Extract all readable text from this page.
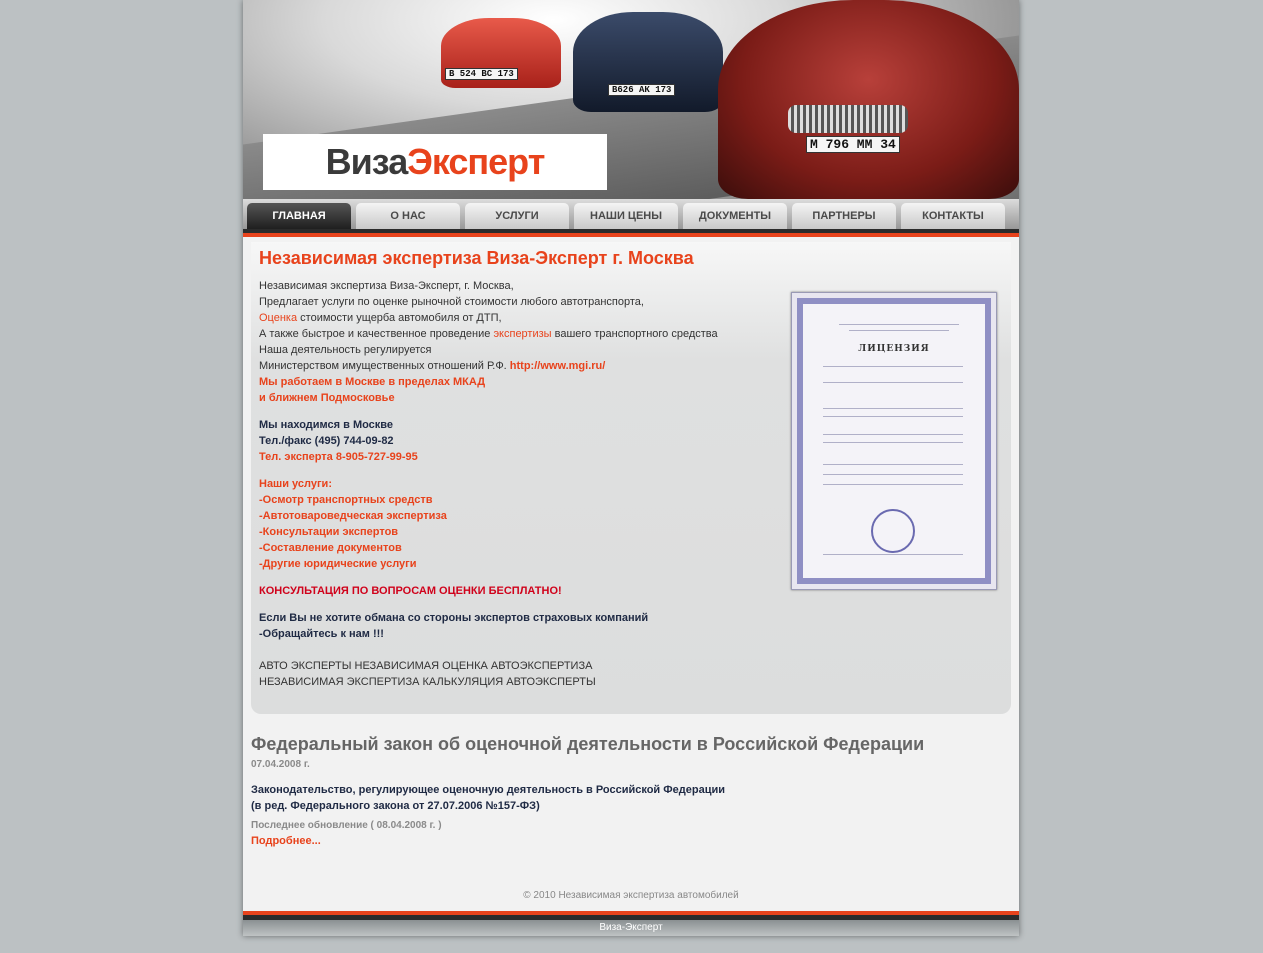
В 524 ВС 173
В626 АК 173
М 796 ММ 34
Виза Эксперт
ГЛАВНАЯ	О НАС	УСЛУГИ	НАШИ ЦЕНЫ	ДОКУМЕНТЫ	ПАРТНЕРЫ	КОНТАКТЫ
Независимая экспертиза Виза-Эксперт г. Москва
Независимая экспертиза Виза-Эксперт, г. Москва,
Предлагает услуги по оценке рыночной стоимости любого автотранспорта,
Оценка стоимости ущерба автомобиля от ДТП,
А также быстрое и качественное проведение экспертизы вашего транспортного средства
Наша деятельность регулируется
Министерством имущественных отношений Р.Ф. http://www.mgi.ru/
Мы работаем в Москве в пределах МКАД
и ближнем Подмосковье
Мы находимся в Москве
Тел./факс (495) 744-09-82
Тел. эксперта 8-905-727-99-95
Наши услуги:
-Осмотр транспортных средств
-Автотовароведческая экспертиза
-Консультации экспертов
-Составление документов
-Другие юридические услуги
КОНСУЛЬТАЦИЯ ПО ВОПРОСАМ ОЦЕНКИ БЕСПЛАТНО!
Если Вы не хотите обмана со стороны экспертов страховых компаний
-Обращайтесь к нам !!!
АВТО ЭКСПЕРТЫ НЕЗАВИСИМАЯ ОЦЕНКА АВТОЭКСПЕРТИЗА
НЕЗАВИСИМАЯ ЭКСПЕРТИЗА КАЛЬКУЛЯЦИЯ АВТОЭКСПЕРТЫ
ЛИЦЕНЗИЯ
Федеральный закон об оценочной деятельности в Российской Федерации
07.04.2008 г.
Законодательство, регулирующее оценочную деятельность в Российской Федерации
(в ред. Федерального закона от 27.07.2006 №157-ФЗ)
Последнее обновление ( 08.04.2008 г. )
Подробнее...
© 2010 Независимая экспертиза автомобилей
Виза-Эксперт
